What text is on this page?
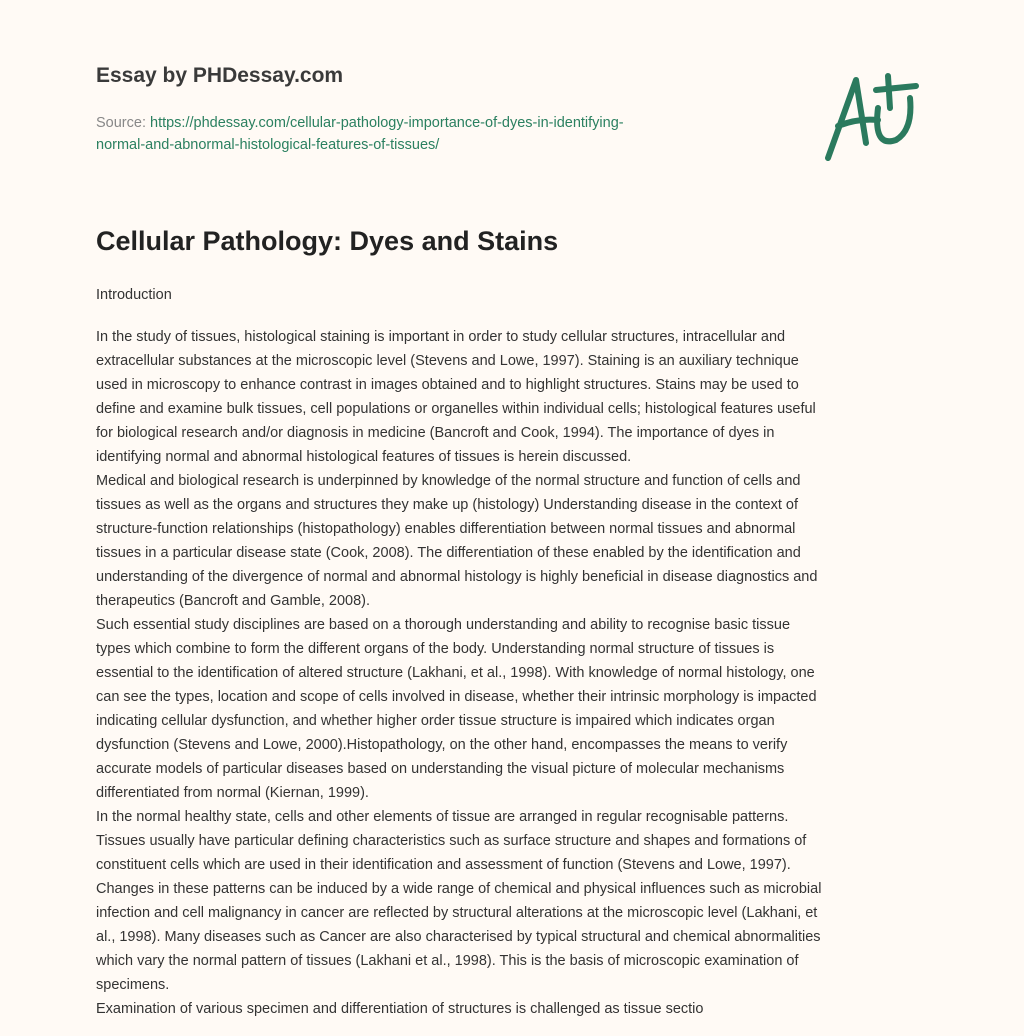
Essay by PHDessay.com
Source: https://phdessay.com/cellular-pathology-importance-of-dyes-in-identifying-
normal-and-abnormal-histological-features-of-tissues/
Cellular Pathology: Dyes and Stains
Introduction
In the study of tissues, histological staining is important in order to study cellular structures, intracellular and
extracellular substances at the microscopic level (Stevens and Lowe, 1997). Staining is an auxiliary technique
used in microscopy to enhance contrast in images obtained and to highlight structures. Stains may be used to
define and examine bulk tissues, cell populations or organelles within individual cells; histological features useful
for biological research and/or diagnosis in medicine (Bancroft and Cook, 1994). The importance of dyes in
identifying normal and abnormal histological features of tissues is herein discussed.
Medical and biological research is underpinned by knowledge of the normal structure and function of cells and
tissues as well as the organs and structures they make up (histology) Understanding disease in the context of
structure-function relationships (histopathology) enables differentiation between normal tissues and abnormal
tissues in a particular disease state (Cook, 2008). The differentiation of these enabled by the identification and
understanding of the divergence of normal and abnormal histology is highly beneficial in disease diagnostics and
therapeutics (Bancroft and Gamble, 2008).
Such essential study disciplines are based on a thorough understanding and ability to recognise basic tissue
types which combine to form the different organs of the body. Understanding normal structure of tissues is
essential to the identification of altered structure (Lakhani, et al., 1998). With knowledge of normal histology, one
can see the types, location and scope of cells involved in disease, whether their intrinsic morphology is impacted
indicating cellular dysfunction, and whether higher order tissue structure is impaired which indicates organ
dysfunction (Stevens and Lowe, 2000).Histopathology, on the other hand, encompasses the means to verify
accurate models of particular diseases based on understanding the visual picture of molecular mechanisms
differentiated from normal (Kiernan, 1999).
In the normal healthy state, cells and other elements of tissue are arranged in regular recognisable patterns.
Tissues usually have particular defining characteristics such as surface structure and shapes and formations of
constituent cells which are used in their identification and assessment of function (Stevens and Lowe, 1997).
Changes in these patterns can be induced by a wide range of chemical and physical influences such as microbial
infection and cell malignancy in cancer are reflected by structural alterations at the microscopic level (Lakhani, et
al., 1998). Many diseases such as Cancer are also characterised by typical structural and chemical abnormalities
which vary the normal pattern of tissues (Lakhani et al., 1998). This is the basis of microscopic examination of
specimens.
Examination of various specimen and differentiation of structures is challenged as tissue sectio
